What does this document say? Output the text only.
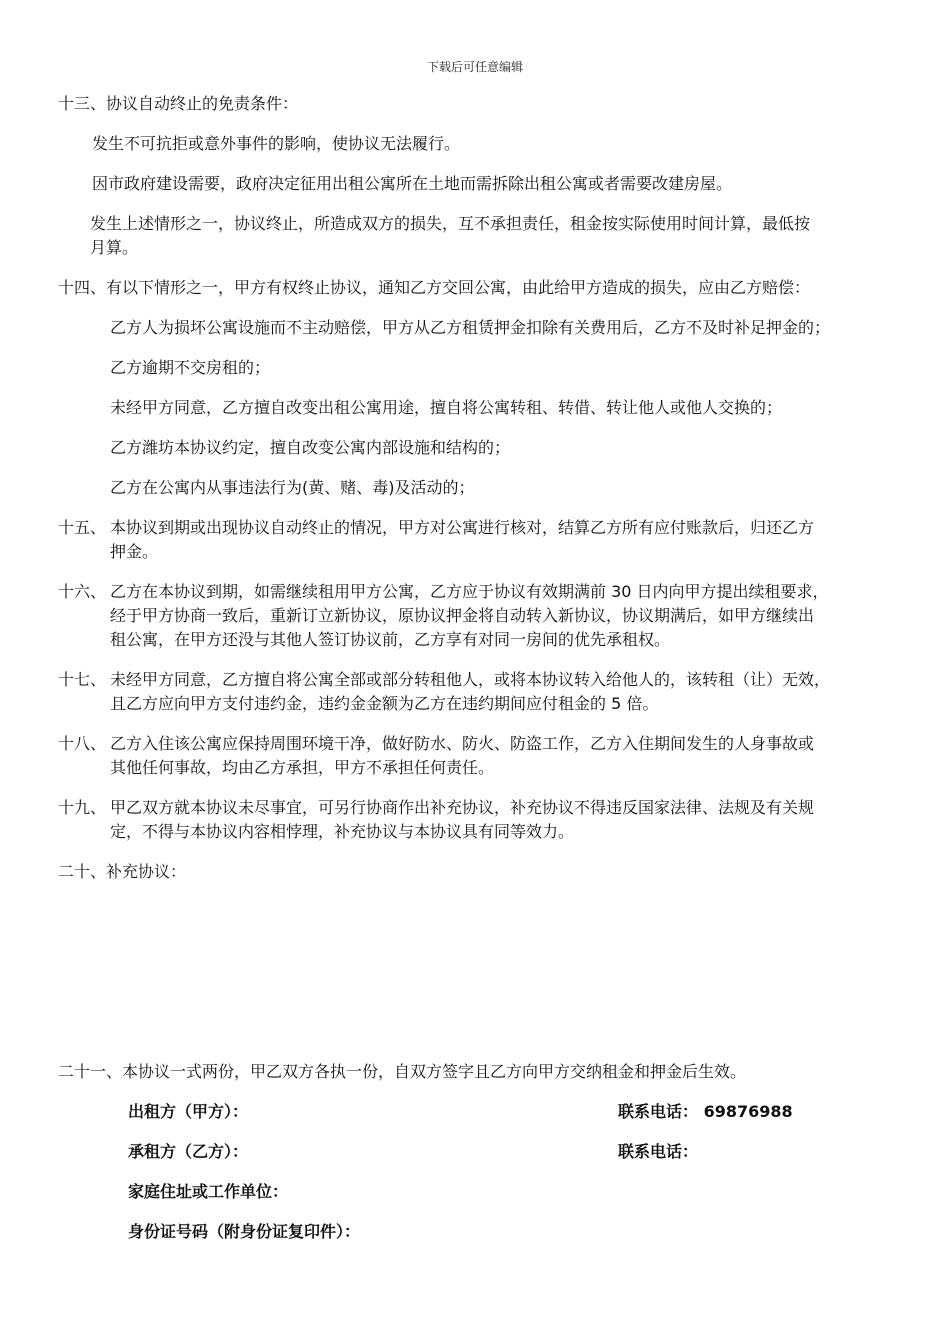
下载后可任意编辑
十三、协议自动终止的免责条件：
发生不可抗拒或意外事件的影响，使协议无法履行。
因市政府建设需要，政府决定征用出租公寓所在土地而需拆除出租公寓或者需要改建房屋。
发生上述情形之一，协议终止，所造成双方的损失，互不承担责任，租金按实际使用时间计算，最低按
月算。
十四、有以下情形之一，甲方有权终止协议，通知乙方交回公寓，由此给甲方造成的损失，应由乙方赔偿：
乙方人为损坏公寓设施而不主动赔偿，甲方从乙方租赁押金扣除有关费用后，乙方不及时补足押金的；
乙方逾期不交房租的；
未经甲方同意，乙方擅自改变出租公寓用途，擅自将公寓转租、转借、转让他人或他人交换的；
乙方潍坊本协议约定，擅自改变公寓内部设施和结构的；
乙方在公寓内从事违法行为(黄、赌、毒)及活动的；
十五、 本协议到期或出现协议自动终止的情况，甲方对公寓进行核对，结算乙方所有应付账款后，归还乙方
押金。
十六、 乙方在本协议到期，如需继续租用甲方公寓，乙方应于协议有效期满前 30 日内向甲方提出续租要求，
经于甲方协商一致后，重新订立新协议，原协议押金将自动转入新协议，协议期满后，如甲方继续出
租公寓，在甲方还没与其他人签订协议前，乙方享有对同一房间的优先承租权。
十七、 未经甲方同意，乙方擅自将公寓全部或部分转租他人，或将本协议转入给他人的，该转租（让）无效，
且乙方应向甲方支付违约金，违约金金额为乙方在违约期间应付租金的 5 倍。
十八、 乙方入住该公寓应保持周围环境干净，做好防水、防火、防盗工作，乙方入住期间发生的人身事故或
其他任何事故，均由乙方承担，甲方不承担任何责任。
十九、 甲乙双方就本协议未尽事宜，可另行协商作出补充协议，补充协议不得违反国家法律、法规及有关规
定，不得与本协议内容相悖理，补充协议与本协议具有同等效力。
二十、补充协议：
二十一、本协议一式两份，甲乙双方各执一份，自双方签字且乙方向甲方交纳租金和押金后生效。
出租方（甲方）：	联系电话： 69876988
承租方（乙方）：	联系电话：
家庭住址或工作单位：
身份证号码（附身份证复印件）：
